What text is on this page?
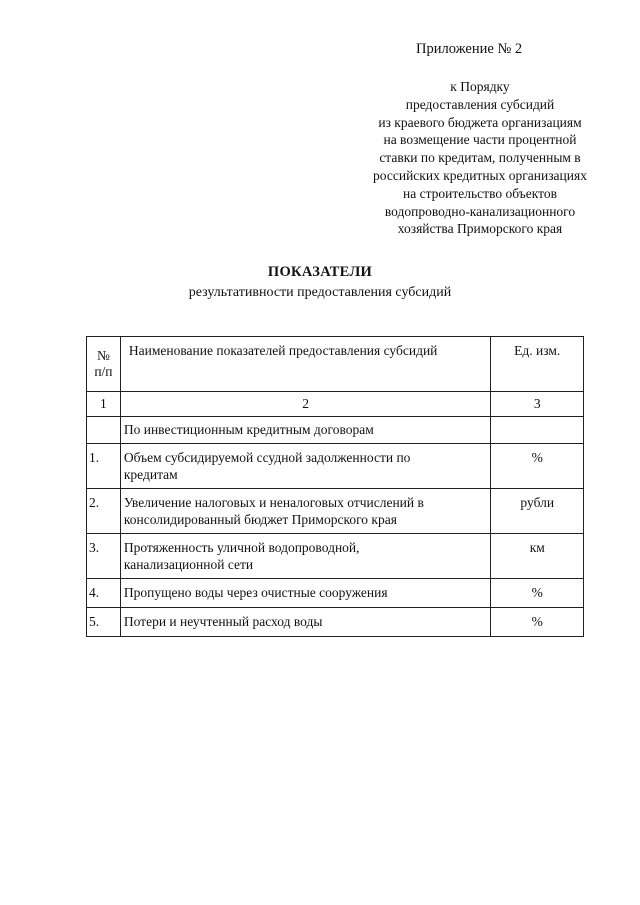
Приложение № 2
к Порядку
предоставления субсидий
из краевого бюджета организациям
на возмещение части процентной
ставки по кредитам, полученным в
российских кредитных организациях
на строительство объектов
водопроводно-канализационного
хозяйства Приморского края
ПОКАЗАТЕЛИ
результативности предоставления субсидий
№
п/п	Наименование показателей предоставления субсидий	Ед. изм.
1	2	3
	По инвестиционным кредитным договорам	
1.	Объем субсидируемой ссудной задолженности по
кредитам	%
2.	Увеличение налоговых и неналоговых отчислений в
консолидированный бюджет Приморского края	рубли
3.	Протяженность уличной водопроводной,
канализационной сети	км
4.	Пропущено воды через очистные сооружения	%
5.	Потери и неучтенный расход воды	%
